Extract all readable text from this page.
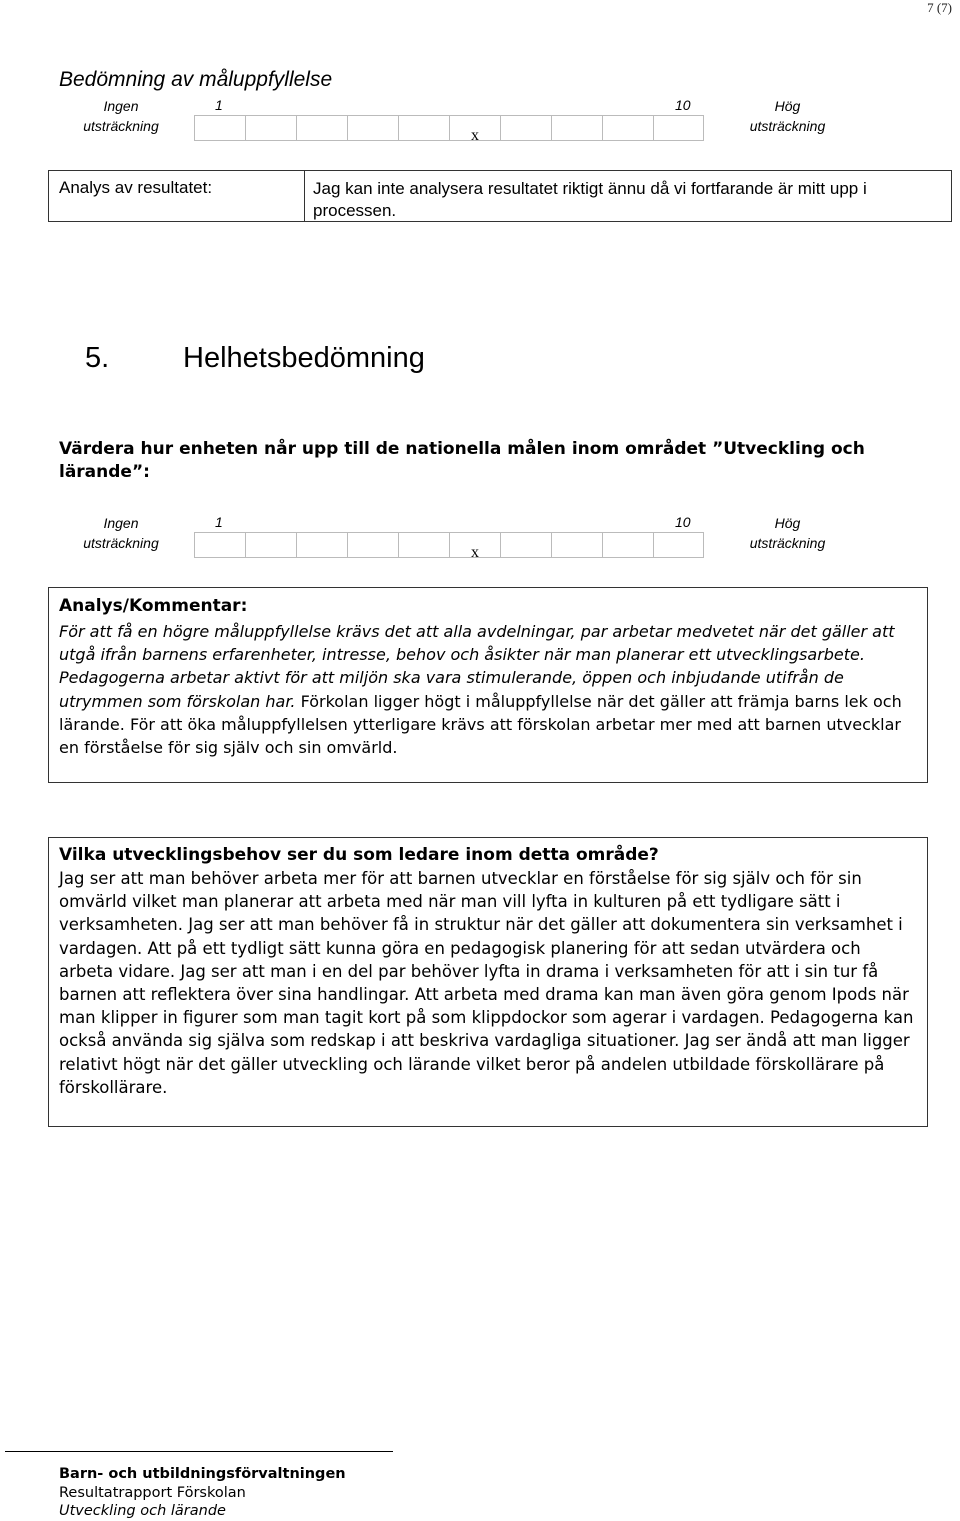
7 (7)
Bedömning av måluppfyllelse
Ingen
utsträckning
1	10	Hög
utsträckning
x
Analys av resultatet:	Jag kan inte analysera resultatet riktigt ännu då vi fortfarande är mitt upp i processen.
5.	Helhetsbedömning
Värdera hur enheten når upp till de nationella målen inom området ”Utveckling och lärande”:
Ingen
utsträckning
1	10	Hög
utsträckning
x
Analys/Kommentar:
För att få en högre måluppfyllelse krävs det att alla avdelningar, par arbetar medvetet när det gäller att utgå ifrån barnens erfarenheter, intresse, behov och åsikter när man planerar ett utvecklingsarbete. Pedagogerna arbetar aktivt för att miljön ska vara stimulerande, öppen och inbjudande utifrån de utrymmen som förskolan har. Förkolan ligger högt i måluppfyllelse när det gäller att främja barns lek och lärande. För att öka måluppfyllelsen ytterligare krävs att förskolan arbetar mer med att barnen utvecklar en förståelse för sig själv och sin omvärld.
Vilka utvecklingsbehov ser du som ledare inom detta område?
Jag ser att man behöver arbeta mer för att barnen utvecklar en förståelse för sig själv och för sin omvärld vilket man planerar att arbeta med när man vill lyfta in kulturen på ett tydligare sätt i verksamheten. Jag ser att man behöver få in struktur när det gäller att dokumentera sin verksamhet i vardagen. Att på ett tydligt sätt kunna göra en pedagogisk planering för att sedan utvärdera och arbeta vidare. Jag ser att man i en del par behöver lyfta in drama i verksamheten för att i sin tur få barnen att reflektera över sina handlingar. Att arbeta med drama kan man även göra genom Ipods när man klipper in figurer som man tagit kort på som klippdockor som agerar i vardagen. Pedagogerna kan också använda sig själva som redskap i att beskriva vardagliga situationer. Jag ser ändå att man ligger relativt högt när det gäller utveckling och lärande vilket beror på andelen utbildade förskollärare på förskollärare.
Barn- och utbildningsförvaltningen
Resultatrapport Förskolan
Utveckling och lärande
